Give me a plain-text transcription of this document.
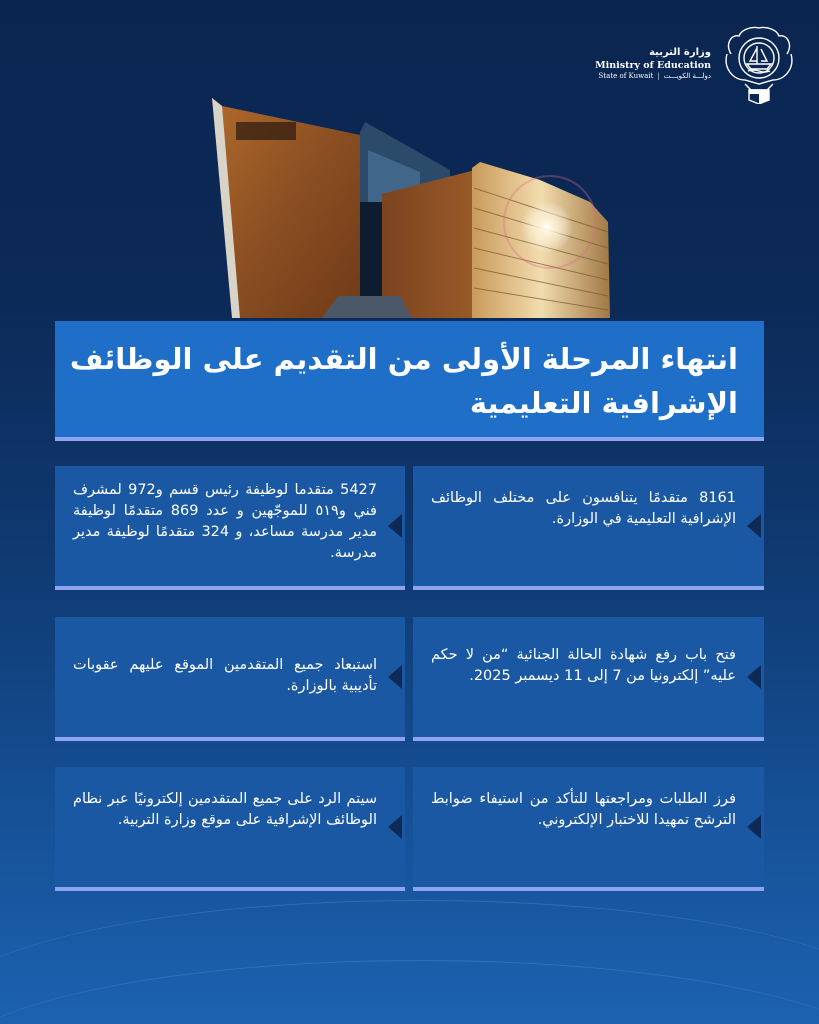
وزارة التربية
Ministry of Education
State of Kuwait | دولـــة الكويـــت
انتهاء المرحلة الأولى من التقديم على الوظائف
الإشرافية التعليمية
8161 متقدمًا يتنافسون على مختلف الوظائف الإشرافية التعليمية في الوزارة.
5427 متقدما لوظيفة رئيس قسم و972 لمشرف فني و٥١٩ للموجّهين و عدد 869 متقدمًا لوظيفة مدير مدرسة مساعد، و 324 متقدمًا لوظيفة مدير مدرسة.
فتح باب رفع شهادة الحالة الجنائية “من لا حكم عليه” إلكترونيا من 7 إلى 11 ديسمبر 2025.
استبعاد جميع المتقدمين الموقع عليهم عقوبات تأديبية بالوزارة.
فرز الطلبات ومراجعتها للتأكد من استيفاء ضوابط الترشح تمهيدا للاختبار الإلكتروني.
سيتم الرد على جميع المتقدمين إلكترونيًا عبر نظام الوظائف الإشرافية على موقع وزارة التربية.
